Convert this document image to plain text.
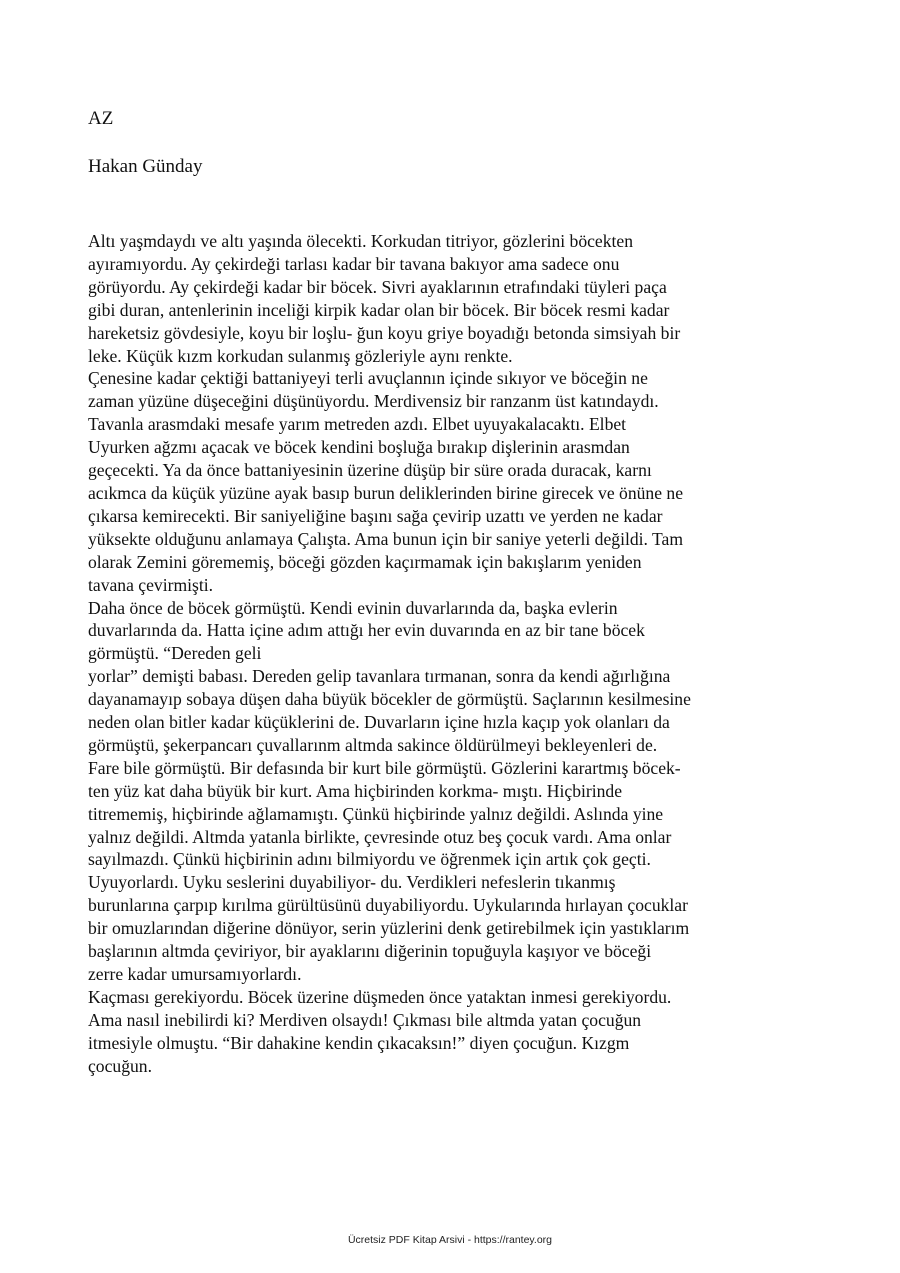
AZ
Hakan Günday
Altı yaşmdaydı ve altı yaşında ölecekti. Korkudan titriyor, gözlerini böcekten
ayıramıyordu. Ay çekirdeği tarlası kadar bir tavana bakıyor ama sadece onu
görüyordu. Ay çekirdeği kadar bir böcek. Sivri ayaklarının etrafındaki tüyleri paça
gibi duran, antenlerinin inceliği kirpik kadar olan bir böcek. Bir böcek resmi kadar
hareketsiz gövdesiyle, koyu bir loşlu- ğun koyu griye boyadığı betonda simsiyah bir
leke. Küçük kızm korkudan sulanmış gözleriyle aynı renkte.
Çenesine kadar çektiği battaniyeyi terli avuçlannın içinde sıkıyor ve böceğin ne
zaman yüzüne düşeceğini düşünüyordu. Merdivensiz bir ranzanm üst katındaydı.
Tavanla arasmdaki mesafe yarım metreden azdı. Elbet uyuyakalacaktı. Elbet
Uyurken ağzmı açacak ve böcek kendini boşluğa bırakıp dişlerinin arasmdan
geçecekti. Ya da önce battaniyesinin üzerine düşüp bir süre orada duracak, karnı
acıkmca da küçük yüzüne ayak basıp burun deliklerinden birine girecek ve önüne ne
çıkarsa kemirecekti. Bir saniyeliğine başını sağa çevirip uzattı ve yerden ne kadar
yüksekte olduğunu anlamaya Çalışta. Ama bunun için bir saniye yeterli değildi. Tam
olarak Zemini görememiş, böceği gözden kaçırmamak için bakışlarım yeniden
tavana çevirmişti.
Daha önce de böcek görmüştü. Kendi evinin duvarlarında da, başka evlerin
duvarlarında da. Hatta içine adım attığı her evin duvarında en az bir tane böcek
görmüştü. “Dereden geli
yorlar” demişti babası. Dereden gelip tavanlara tırmanan, sonra da kendi ağırlığına
dayanamayıp sobaya düşen daha büyük böcekler de görmüştü. Saçlarının kesilmesine
neden olan bitler kadar küçüklerini de. Duvarların içine hızla kaçıp yok olanları da
görmüştü, şekerpancarı çuvallarınm altmda sakince öldürülmeyi bekleyenleri de.
Fare bile görmüştü. Bir defasında bir kurt bile görmüştü. Gözlerini karartmış böcek-
ten yüz kat daha büyük bir kurt. Ama hiçbirinden korkma- mıştı. Hiçbirinde
titrememiş, hiçbirinde ağlamamıştı. Çünkü hiçbirinde yalnız değildi. Aslında yine
yalnız değildi. Altmda yatanla birlikte, çevresinde otuz beş çocuk vardı. Ama onlar
sayılmazdı. Çünkü hiçbirinin adını bilmiyordu ve öğrenmek için artık çok geçti.
Uyuyorlardı. Uyku seslerini duyabiliyor- du. Verdikleri nefeslerin tıkanmış
burunlarına çarpıp kırılma gürültüsünü duyabiliyordu. Uykularında hırlayan çocuklar
bir omuzlarından diğerine dönüyor, serin yüzlerini denk getirebilmek için yastıklarım
başlarının altmda çeviriyor, bir ayaklarını diğerinin topuğuyla kaşıyor ve böceği
zerre kadar umursamıyorlardı.
Kaçması gerekiyordu. Böcek üzerine düşmeden önce yataktan inmesi gerekiyordu.
Ama nasıl inebilirdi ki? Merdiven olsaydı! Çıkması bile altmda yatan çocuğun
itmesiyle olmuştu. “Bir dahakine kendin çıkacaksın!” diyen çocuğun. Kızgm
çocuğun.
Ücretsiz PDF Kitap Arsivi - https://rantey.org
